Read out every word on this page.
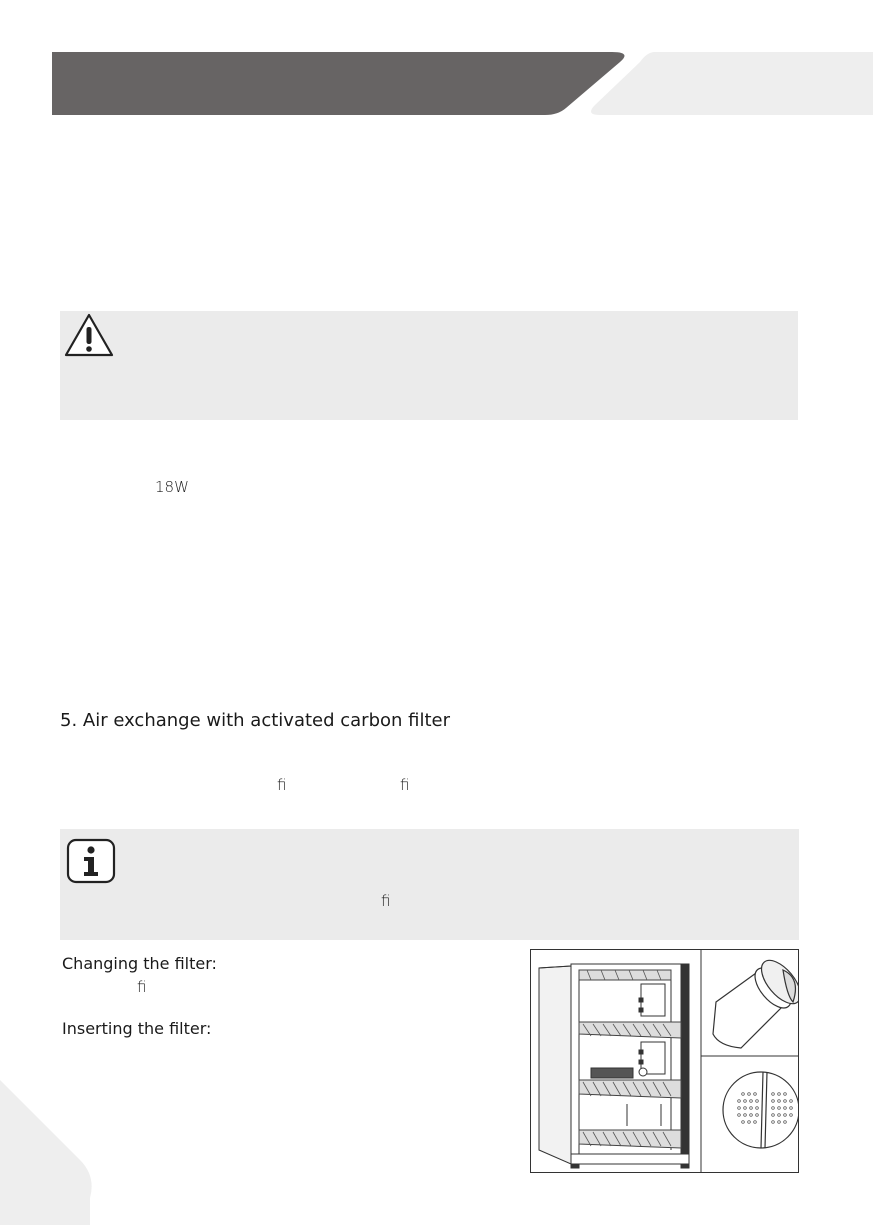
18W
5. Air exchange with activated carbon filter
ﬁ	ﬁ
ﬁ
Changing the filter:
ﬁ
Inserting the filter:
